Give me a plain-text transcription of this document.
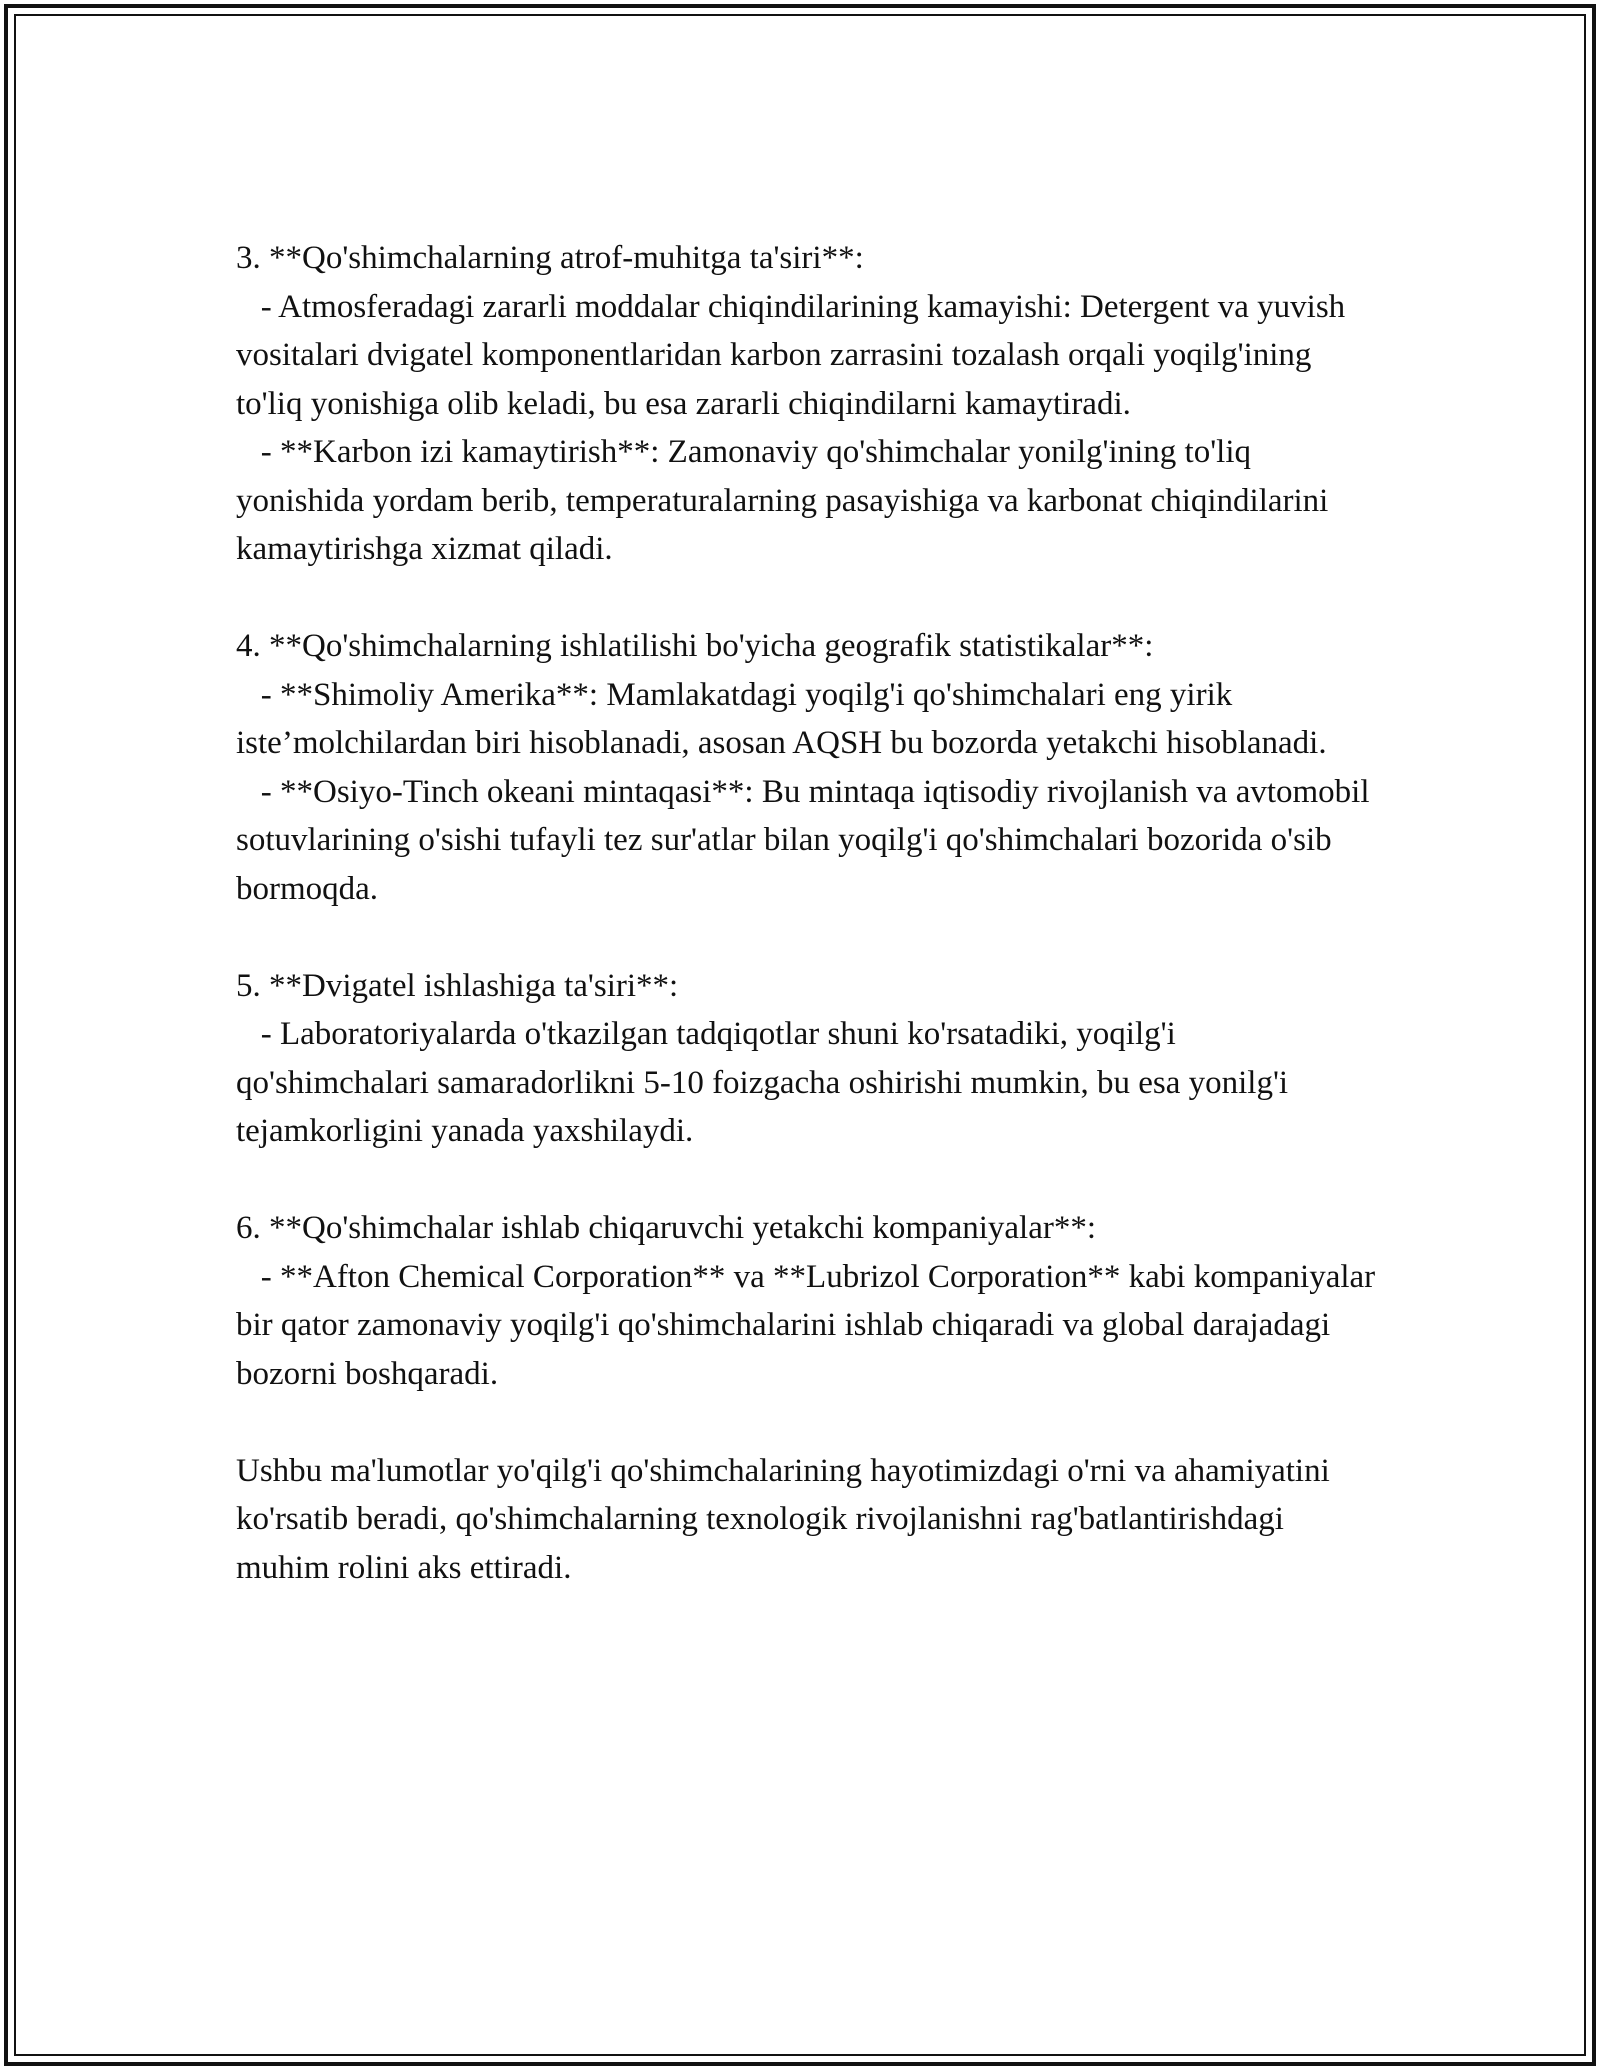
3. **Qo'shimchalarning atrof-muhitga ta'siri**:

- Atmosferadagi zararli moddalar chiqindilarining kamayishi: Detergent va yuvish vositalari dvigatel komponentlaridan karbon zarrasini tozalash orqali yoqilg'ining to'liq yonishiga olib keladi, bu esa zararli chiqindilarni kamaytiradi.

- **Karbon izi kamaytirish**: Zamonaviy qo'shimchalar yonilg'ining to'liq yonishida yordam berib, temperaturalarning pasayishiga va karbonat chiqindilarini kamaytirishga xizmat qiladi.

4. **Qo'shimchalarning ishlatilishi bo'yicha geografik statistikalar**:

- **Shimoliy Amerika**: Mamlakatdagi yoqilg'i qo'shimchalari eng yirik iste’molchilardan biri hisoblanadi, asosan AQSH bu bozorda yetakchi hisoblanadi.

- **Osiyo-Tinch okeani mintaqasi**: Bu mintaqa iqtisodiy rivojlanish va avtomobil sotuvlarining o'sishi tufayli tez sur'atlar bilan yoqilg'i qo'shimchalari bozorida o'sib bormoqda.

5. **Dvigatel ishlashiga ta'siri**:

- Laboratoriyalarda o'tkazilgan tadqiqotlar shuni ko'rsatadiki, yoqilg'i qo'shimchalari samaradorlikni 5-10 foizgacha oshirishi mumkin, bu esa yonilg'i tejamkorligini yanada yaxshilaydi.

6. **Qo'shimchalar ishlab chiqaruvchi yetakchi kompaniyalar**:

- **Afton Chemical Corporation** va **Lubrizol Corporation** kabi kompaniyalar bir qator zamonaviy yoqilg'i qo'shimchalarini ishlab chiqaradi va global darajadagi bozorni boshqaradi.

Ushbu ma'lumotlar yo'qilg'i qo'shimchalarining hayotimizdagi o'rni va ahamiyatini ko'rsatib beradi, qo'shimchalarning texnologik rivojlanishni rag'batlantirishdagi muhim rolini aks ettiradi.
